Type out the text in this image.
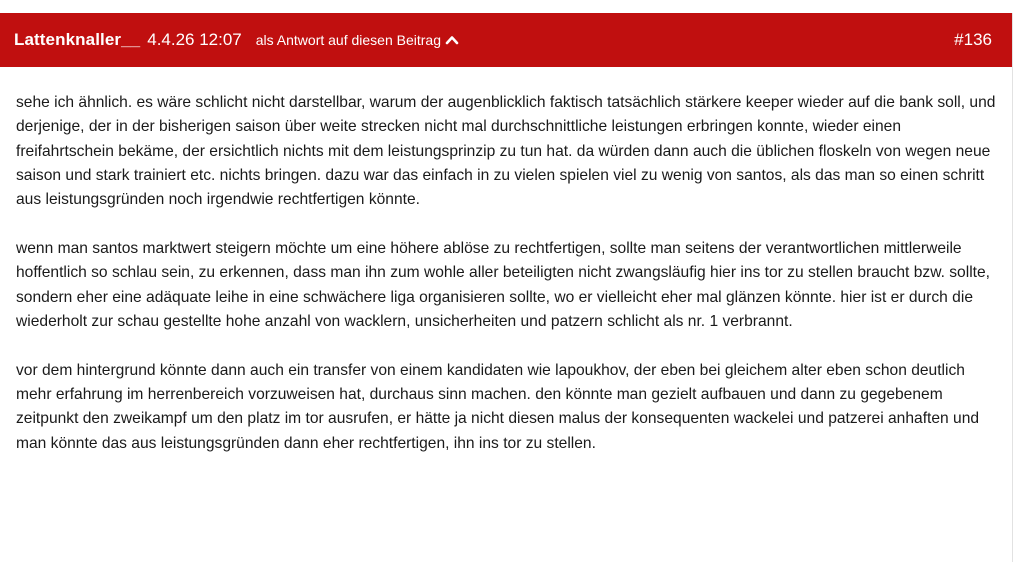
Lattenknaller__ 4.4.26 12:07 als Antwort auf diesen Beitrag	#136

sehe ich ähnlich. es wäre schlicht nicht darstellbar, warum der augenblicklich faktisch tatsächlich stärkere keeper wieder auf die bank soll, und derjenige, der in der bisherigen saison über weite strecken nicht mal durchschnittliche leistungen erbringen konnte, wieder einen freifahrtschein bekäme, der ersichtlich nichts mit dem leistungsprinzip zu tun hat. da würden dann auch die üblichen floskeln von wegen neue saison und stark trainiert etc. nichts bringen. dazu war das einfach in zu vielen spielen viel zu wenig von santos, als das man so einen schritt aus leistungsgründen noch irgendwie rechtfertigen könnte.

wenn man santos marktwert steigern möchte um eine höhere ablöse zu rechtfertigen, sollte man seitens der verantwortlichen mittlerweile hoffentlich so schlau sein, zu erkennen, dass man ihn zum wohle aller beteiligten nicht zwangsläufig hier ins tor zu stellen braucht bzw. sollte, sondern eher eine adäquate leihe in eine schwächere liga organisieren sollte, wo er vielleicht eher mal glänzen könnte. hier ist er durch die wiederholt zur schau gestellte hohe anzahl von wacklern, unsicherheiten und patzern schlicht als nr. 1 verbrannt.

vor dem hintergrund könnte dann auch ein transfer von einem kandidaten wie lapoukhov, der eben bei gleichem alter eben schon deutlich mehr erfahrung im herrenbereich vorzuweisen hat, durchaus sinn machen. den könnte man gezielt aufbauen und dann zu gegebenem zeitpunkt den zweikampf um den platz im tor ausrufen, er hätte ja nicht diesen malus der konsequenten wackelei und patzerei anhaften und man könnte das aus leistungsgründen dann eher rechtfertigen, ihn ins tor zu stellen.
